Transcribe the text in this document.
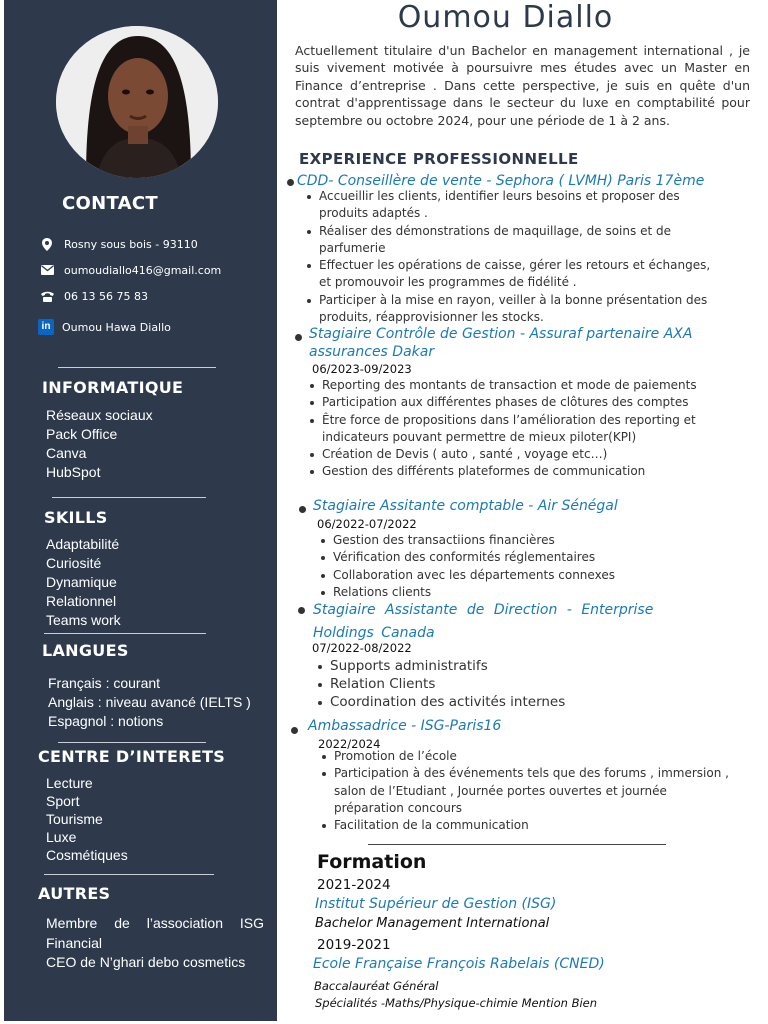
CONTACT
Rosny sous bois - 93110
oumoudiallo416@gmail.com
06 13 56 75 83
in	Oumou Hawa Diallo
INFORMATIQUE
Réseaux sociaux
Pack Office
Canva
HubSpot
SKILLS
Adaptabilité
Curiosité
Dynamique
Relationnel
Teams work
LANGUES
Français : courant
Anglais : niveau avancé (IELTS )
Espagnol : notions
CENTRE D’INTERETS
Lecture
Sport
Tourisme
Luxe
Cosmétiques
AUTRES
Membre de l’association ISG Financial
CEO de N’ghari debo cosmetics
Oumou Diallo
Actuellement titulaire d'un Bachelor en management international , je suis vivement motivée à poursuivre mes études avec un Master en Finance d’entreprise . Dans cette perspective, je suis en quête d'un contrat d'apprentissage dans le secteur du luxe en comptabilité pour septembre ou octobre 2024, pour une période de 1 à 2 ans.
EXPERIENCE PROFESSIONNELLE
CDD- Conseillère de vente - Sephora ( LVMH) Paris 17ème
Accueillir les clients, identifier leurs besoins et proposer des produits adaptés .
Réaliser des démonstrations de maquillage, de soins et de parfumerie
Effectuer les opérations de caisse, gérer les retours et échanges, et promouvoir les programmes de fidélité .
Participer à la mise en rayon, veiller à la bonne présentation des produits, réapprovisionner les stocks.
Stagiaire Contrôle de Gestion - Assuraf partenaire AXA
assurances Dakar
06/2023-09/2023
Reporting des montants de transaction et mode de paiements
Participation aux différentes phases de clôtures des comptes
Être force de propositions dans l’amélioration des reporting et indicateurs pouvant permettre de mieux piloter(KPI)
Création de Devis ( auto , santé , voyage etc…)
Gestion des différents plateformes de communication
Stagiaire Assitante comptable - Air Sénégal
06/2022-07/2022
Gestion des transactiions financières
Vérification des conformités réglementaires
Collaboration avec les départements connexes
Relations clients
Stagiaire Assistante de Direction - Enterprise
Holdings Canada
07/2022-08/2022
Supports administratifs
Relation Clients
Coordination des activités internes
Ambassadrice - ISG-Paris16
2022/2024
Promotion de l’école
Participation à des événements tels que des forums , immersion , salon de l’Etudiant , Journée portes ouvertes et journée préparation concours
Facilitation de la communication
Formation
2021-2024
Institut Supérieur de Gestion (ISG)
Bachelor Management International
2019-2021
Ecole Française François Rabelais (CNED)
Baccalauréat Général
Spécialités -Maths/Physique-chimie Mention Bien
